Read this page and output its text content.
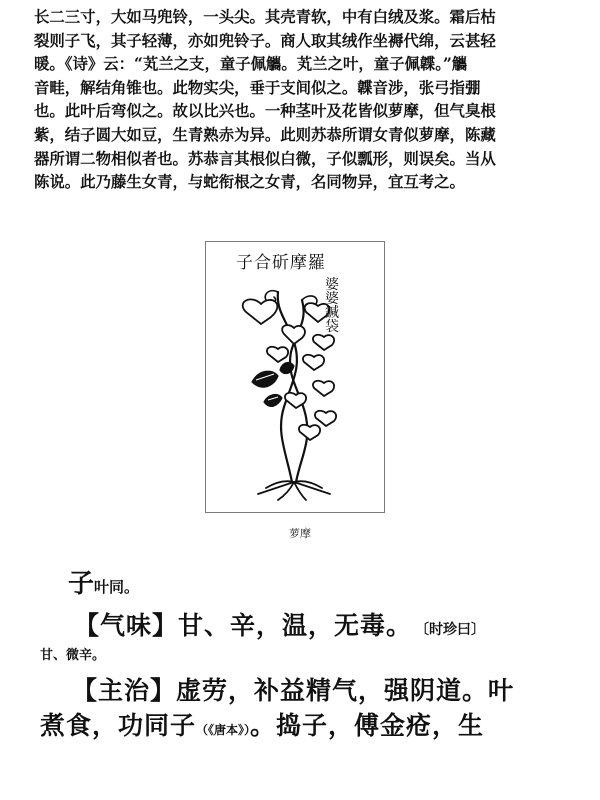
长二三寸，大如马兜铃，一头尖。其壳青软，中有白绒及浆。霜后枯
裂则子飞，其子轻薄，亦如兜铃子。商人取其绒作坐褥代绵，云甚轻
暖。《诗》云：“芄兰之支，童子佩觿。芄兰之叶，童子佩韘。”觿
音畦，解结角锥也。此物实尖，垂于支间似之。韘音涉，张弓指弸
也。此叶后弯似之。故以比兴也。一种茎叶及花皆似萝摩，但气臭根
紫，结子圆大如豆，生青熟赤为异。此则苏恭所谓女青似萝摩，陈藏
器所谓二物相似者也。苏恭言其根似白微，子似瓢形，则误矣。当从
陈说。此乃藤生女青，与蛇衔根之女青，名同物异，宜互考之。
子合斫摩羅
婆婆鍼袋
萝摩
子叶同。
【气味】甘、辛，温，无毒。 〔时珍曰〕
甘、微辛。
【主治】虚劳，补益精气，强阴道。叶
煮食，功同子（《唐本》）。捣子，傅金疮，生
